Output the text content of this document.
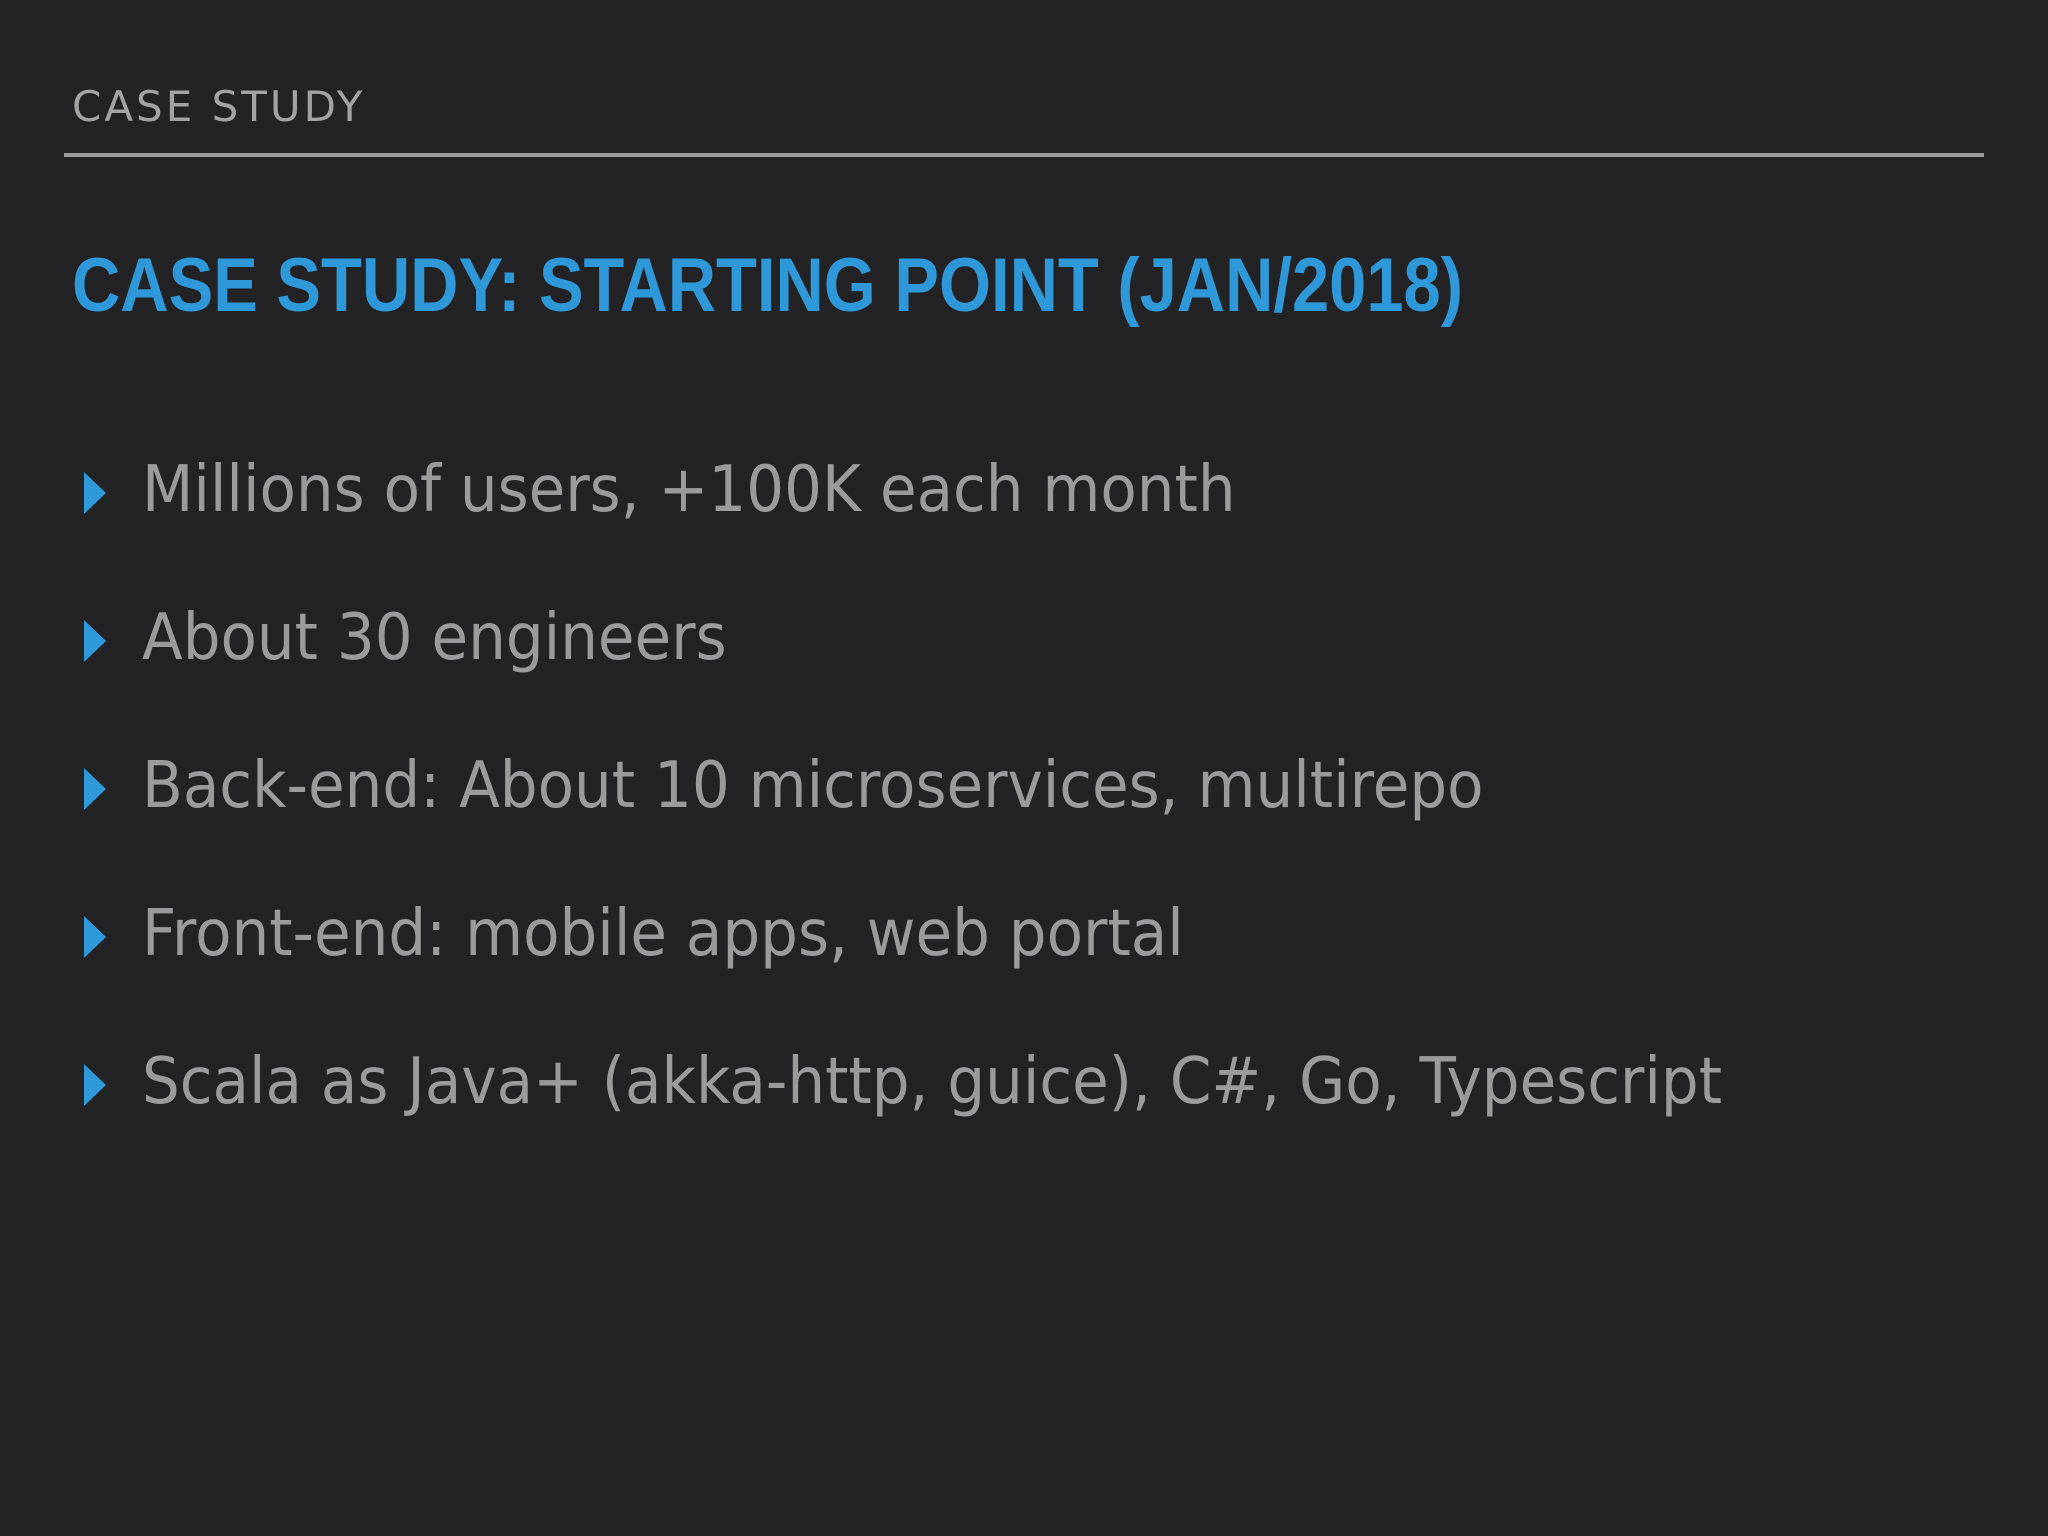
CASE STUDY
CASE STUDY: STARTING POINT (JAN/2018)
Millions of users, +100K each month
About 30 engineers
Back-end: About 10 microservices, multirepo
Front-end: mobile apps, web portal
Scala as Java+ (akka-http, guice), C#, Go, Typescript
